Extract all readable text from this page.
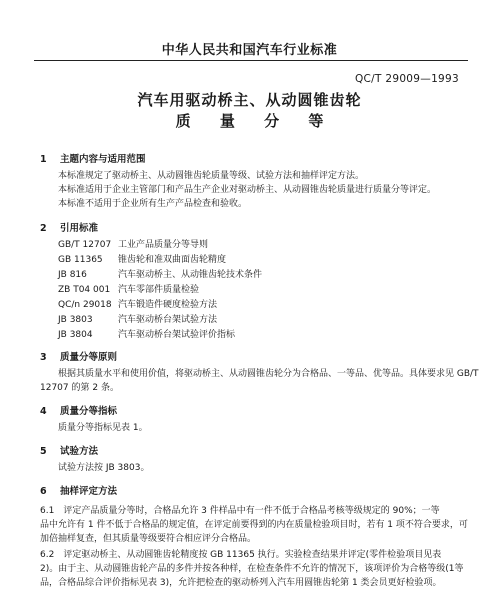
中华人民共和国汽车行业标准
QC/T 29009—1993
汽车用驱动桥主、从动圆锥齿轮
质 量 分 等
1 主题内容与适用范围
本标准规定了驱动桥主、从动圆锥齿轮质量等级、试验方法和抽样评定方法。
本标准适用于企业主管部门和产品生产企业对驱动桥主、从动圆锥齿轮质量进行质量分等评定。
本标准不适用于企业所有生产产品检查和验收。
2 引用标准
GB/T 12707 工业产品质量分等导则
GB 11365 锥齿轮和准双曲面齿轮精度
JB 816	汽车驱动桥主、从动锥齿轮技术条件
ZB T04 001 汽车零部件质量检验
QC/n 29018 汽车锻造件硬度检验方法
JB 3803	汽车驱动桥台架试验方法
JB 3804	汽车驱动桥台架试验评价指标
3 质量分等原则
根据其质量水平和使用价值，将驱动桥主、从动圆锥齿轮分为合格品、一等品、优等品。具体要求见 GB/T
12707 的第 2 条。
4 质量分等指标
质量分等指标见表 1。
5 试验方法
试验方法按 JB 3803。
6 抽样评定方法
6.1　评定产品质量分等时，合格品允许 3 件样品中有一件不低于合格品考核等级规定的 90%；一等
品中允许有 1 件不低于合格品的规定值，在评定前要得到的内在质量检验项目时，若有 1 项不符合要求，可
加倍抽样复查，但其质量等级要符合相应评分合格品。
6.2　评定驱动桥主、从动圆锥齿轮精度按 GB 11365 执行。实验检查结果并评定(零件检验项目见表
2)。由于主、从动圆锥齿轮产品的多件并按各种样，在检查条件不允许的情况下，该项评价为合格等级(1等
品，合格品综合评价指标见表 3)，允许把检查的驱动桥列入汽车用圆锥齿轮第 1 类会员更好检验项。
